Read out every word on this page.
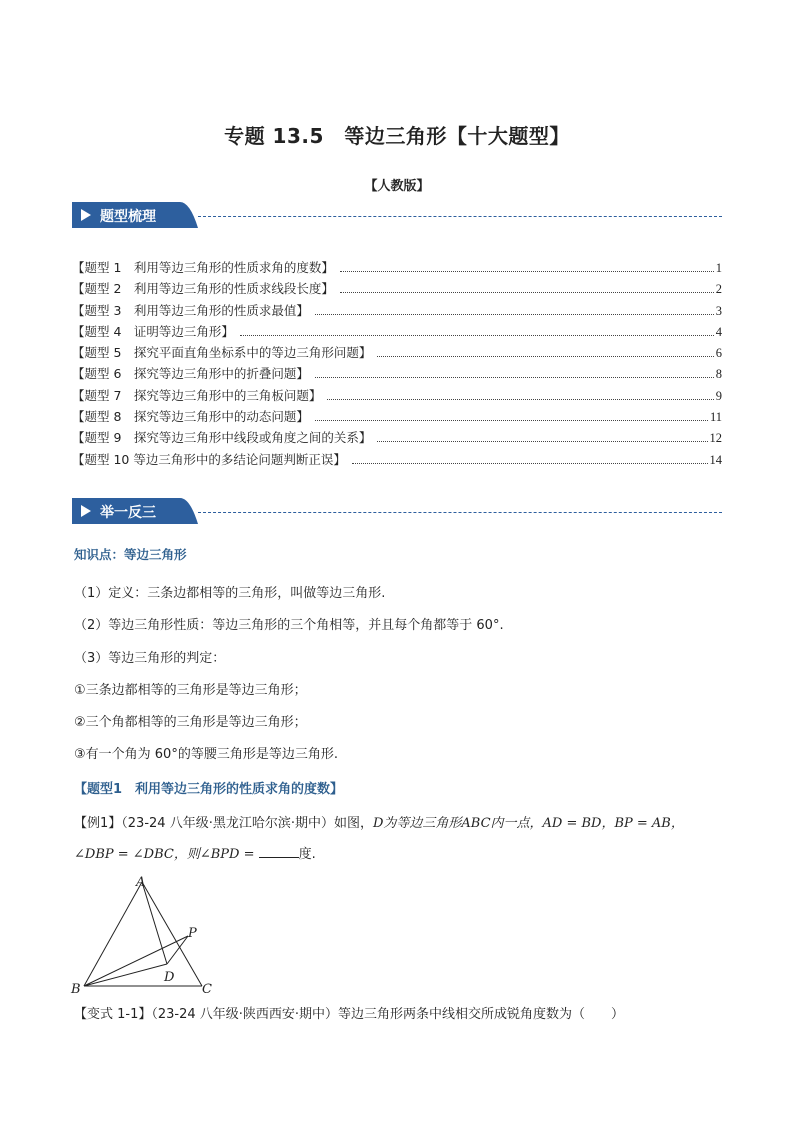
专题 13.5　等边三角形【十大题型】
【人教版】
题型梳理
【题型 1　利用等边三角形的性质求角的度数】	1
【题型 2　利用等边三角形的性质求线段长度】	2
【题型 3　利用等边三角形的性质求最值】	3
【题型 4　证明等边三角形】	4
【题型 5　探究平面直角坐标系中的等边三角形问题】	6
【题型 6　探究等边三角形中的折叠问题】	8
【题型 7　探究等边三角形中的三角板问题】	9
【题型 8　探究等边三角形中的动态问题】	11
【题型 9　探究等边三角形中线段或角度之间的关系】	12
【题型 10 等边三角形中的多结论问题判断正误】	14
举一反三
知识点：等边三角形
（1）定义：三条边都相等的三角形，叫做等边三角形.
（2）等边三角形性质：等边三角形的三个角相等，并且每个角都等于 60°.
（3）等边三角形的判定：
①三条边都相等的三角形是等边三角形；
②三个角都相等的三角形是等边三角形；
③有一个角为 60°的等腰三角形是等边三角形.
【题型1　利用等边三角形的性质求角的度数】
【例1】（23-24 八年级·黑龙江哈尔滨·期中）如图，D为等边三角形ABC内一点，AD = BD，BP = AB，
∠DBP = ∠DBC，则∠BPD =	度.
A
B	C
D
P
【变式 1-1】（23-24 八年级·陕西西安·期中）等边三角形两条中线相交所成锐角度数为（　　）
